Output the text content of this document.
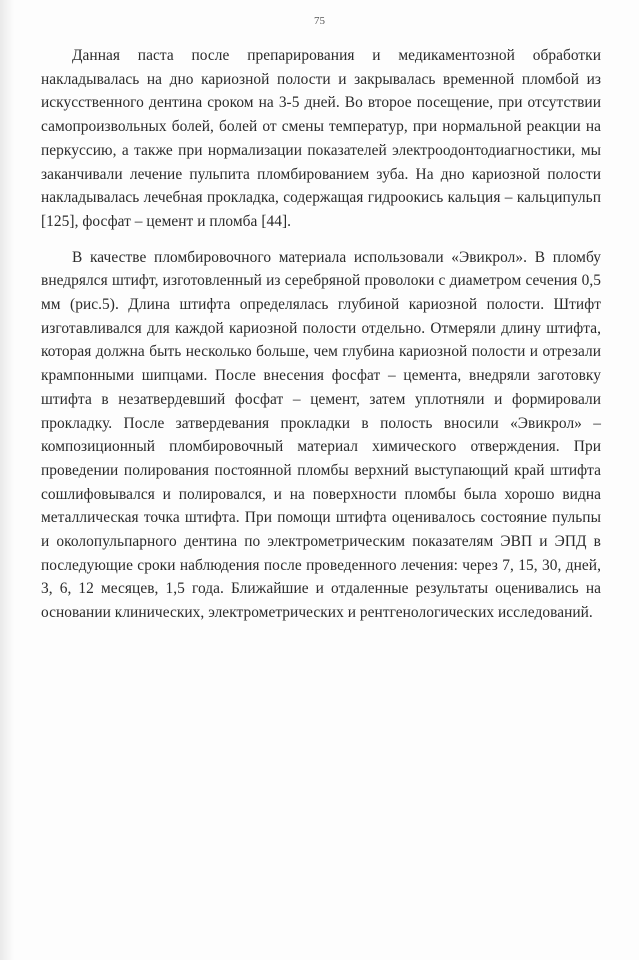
75

Данная паста после препарирования и медикаментозной обработки накладывалась на дно кариозной полости и закрывалась временной пломбой из искусственного дентина сроком на 3-5 дней. Во второе посещение, при отсутствии самопроизвольных болей, болей от смены температур, при нормальной реакции на перкуссию, а также при нормализации показателей электроодонтодиагностики, мы заканчивали лечение пульпита пломбированием зуба. На дно кариозной полости накладывалась лечебная прокладка, содержащая гидроокись кальция – кальципульп [125], фосфат – цемент и пломба [44].

В качестве пломбировочного материала использовали «Эвикрол». В пломбу внедрялся штифт, изготовленный из серебряной проволоки с диаметром сечения 0,5 мм (рис.5). Длина штифта определялась глубиной кариозной полости. Штифт изготавливался для каждой кариозной полости отдельно. Отмеряли длину штифта, которая должна быть несколько больше, чем глубина кариозной полости и отрезали крампонными шипцами. После внесения фосфат – цемента, внедряли заготовку штифта в незатвердевший фосфат – цемент, затем уплотняли и формировали прокладку. После затвердевания прокладки в полость вносили «Эвикрол» – композиционный пломбировочный материал химического отверждения. При проведении полирования постоянной пломбы верхний выступающий край штифта сошлифовывался и полировался, и на поверхности пломбы была хорошо видна металлическая точка штифта. При помощи штифта оценивалось состояние пульпы и околопульпарного дентина по электрометрическим показателям ЭВП и ЭПД в последующие сроки наблюдения после проведенного лечения: через 7, 15, 30, дней, 3, 6, 12 месяцев, 1,5 года. Ближайшие и отдаленные результаты оценивались на основании клинических, электрометрических и рентгенологических исследований.
